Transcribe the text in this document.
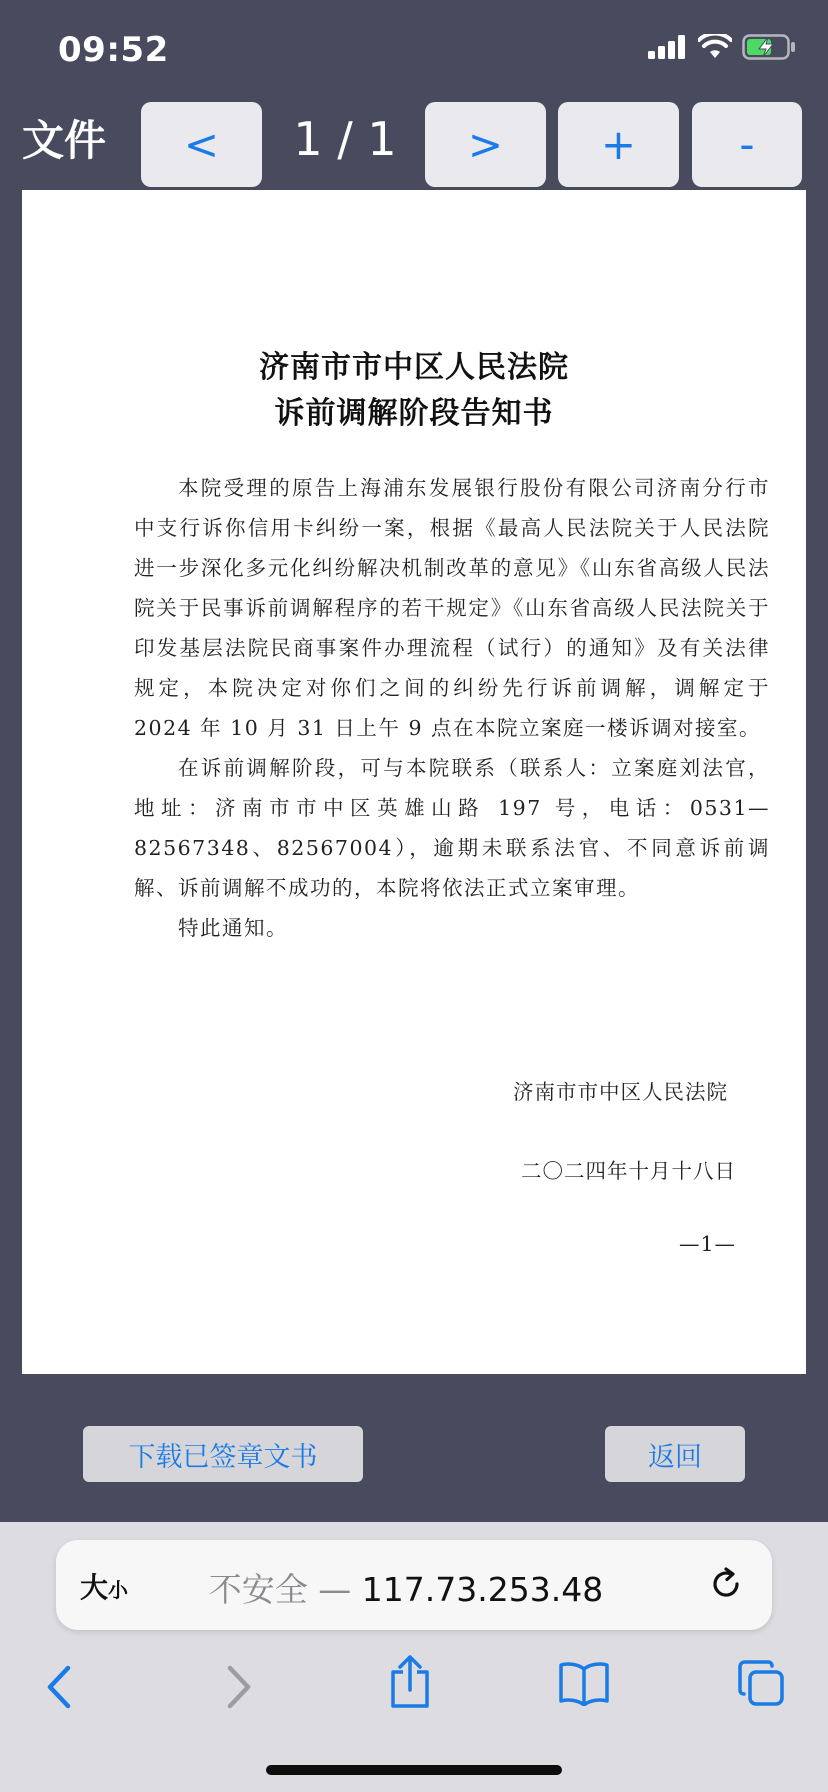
09:52
文件	<	1 / 1	>	+	-
济南市市中区人民法院
诉前调解阶段告知书
本院受理的原告上海浦东发展银行股份有限公司济南分行市中支行诉你信用卡纠纷一案，根据《最高人民法院关于人民法院进一步深化多元化纠纷解决机制改革的意见》《山东省高级人民法院关于民事诉前调解程序的若干规定》《山东省高级人民法院关于印发基层法院民商事案件办理流程（试行）的通知》及有关法律规定，本院决定对你们之间的纠纷先行诉前调解，调解定于 2024 年 10 月 31 日上午 9 点在本院立案庭一楼诉调对接室。
在诉前调解阶段，可与本院联系（联系人：立案庭刘法官，地址：济南市市中区英雄山路 197 号，电话：0531—82567348、82567004），逾期未联系法官、不同意诉前调解、诉前调解不成功的，本院将依法正式立案审理。
特此通知。
济南市市中区人民法院
二〇二四年十月十八日
—1—
下载已签章文书	返回
大小	不安全 — 117.73.253.48
